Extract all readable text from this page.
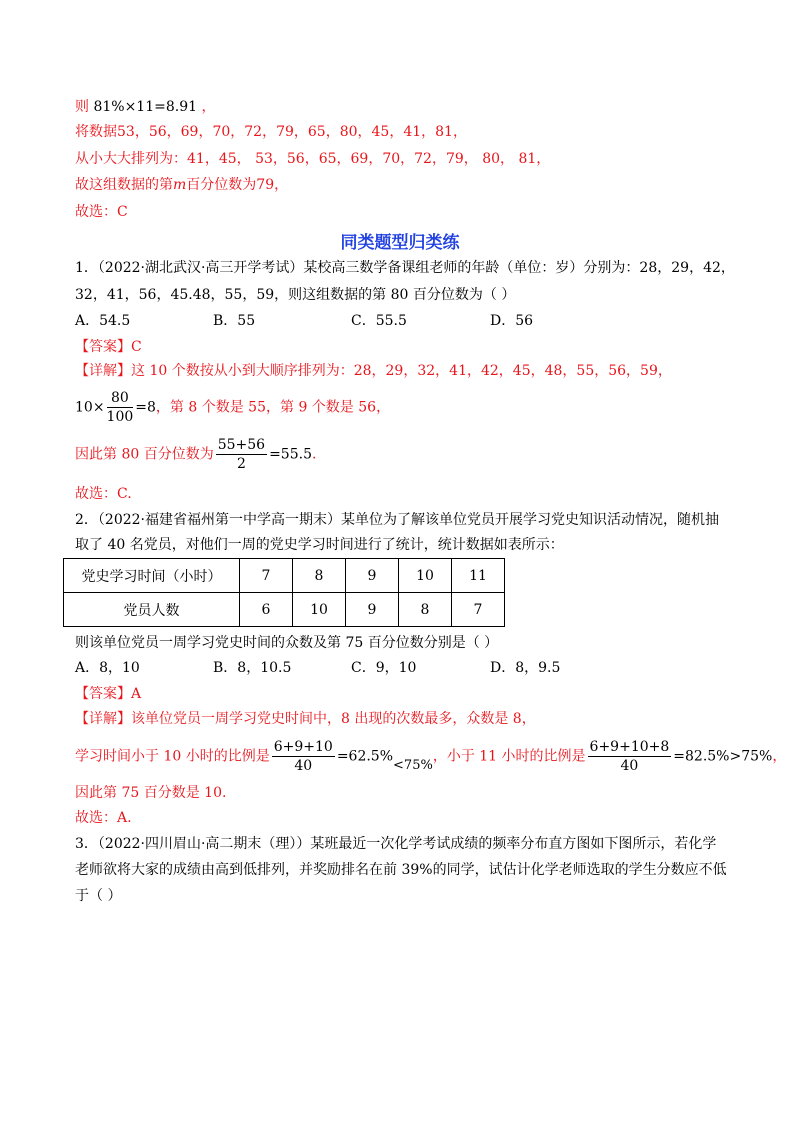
则 81%×11=8.91 ，
将数据53，56，69，70，72，79，65，80，45，41，81，
从小大大排列为：41，45， 53，56，65，69，70，72，79， 80， 81，
故这组数据的第m百分位数为79，
故选：C
同类题型归类练
1．（2022·湖北武汉·高三开学考试）某校高三数学备课组老师的年龄（单位：岁）分别为：28，29，42，
32，41，56，45.48，55，59，则这组数据的第 80 百分位数为（ ）
A．54.5	B．55	C．55.5	D．56
【答案】C
【详解】这 10 个数按从小到大顺序排列为：28，29，32，41，42，45，48，55，56，59，
$10\times \frac{80}{100} =8$，第 8 个数是 55，第 9 个数是 56，
因此第 80 百分位数为 $\frac{55+56}{2} =55.5$.
故选：C.
2．（2022·福建省福州第一中学高一期末）某单位为了解该单位党员开展学习党史知识活动情况，随机抽
取了 40 名党员，对他们一周的党史学习时间进行了统计，统计数据如表所示：
党史学习时间（小时）	7	8	9	10	11
党员人数	6	10	9	8	7
则该单位党员一周学习党史时间的众数及第 75 百分位数分别是（ ）
A．8，10	B．8，10.5	C．9，10	D．8，9.5
【答案】A
【详解】该单位党员一周学习党史时间中，8 出现的次数最多，众数是 8，
学习时间小于 10 小时的比例是 $\frac{6+9+10}{40} =62.5\%<75\%$，小于 11 小时的比例是 $\frac{6+9+10+8}{40} =82.5\%>75\%$，
因此第 75 百分数是 10.
故选：A.
3．（2022·四川眉山·高二期末（理））某班最近一次化学考试成绩的频率分布直方图如下图所示，若化学
老师欲将大家的成绩由高到低排列，并奖励排名在前 39%的同学，试估计化学老师选取的学生分数应不低
于（ ）
